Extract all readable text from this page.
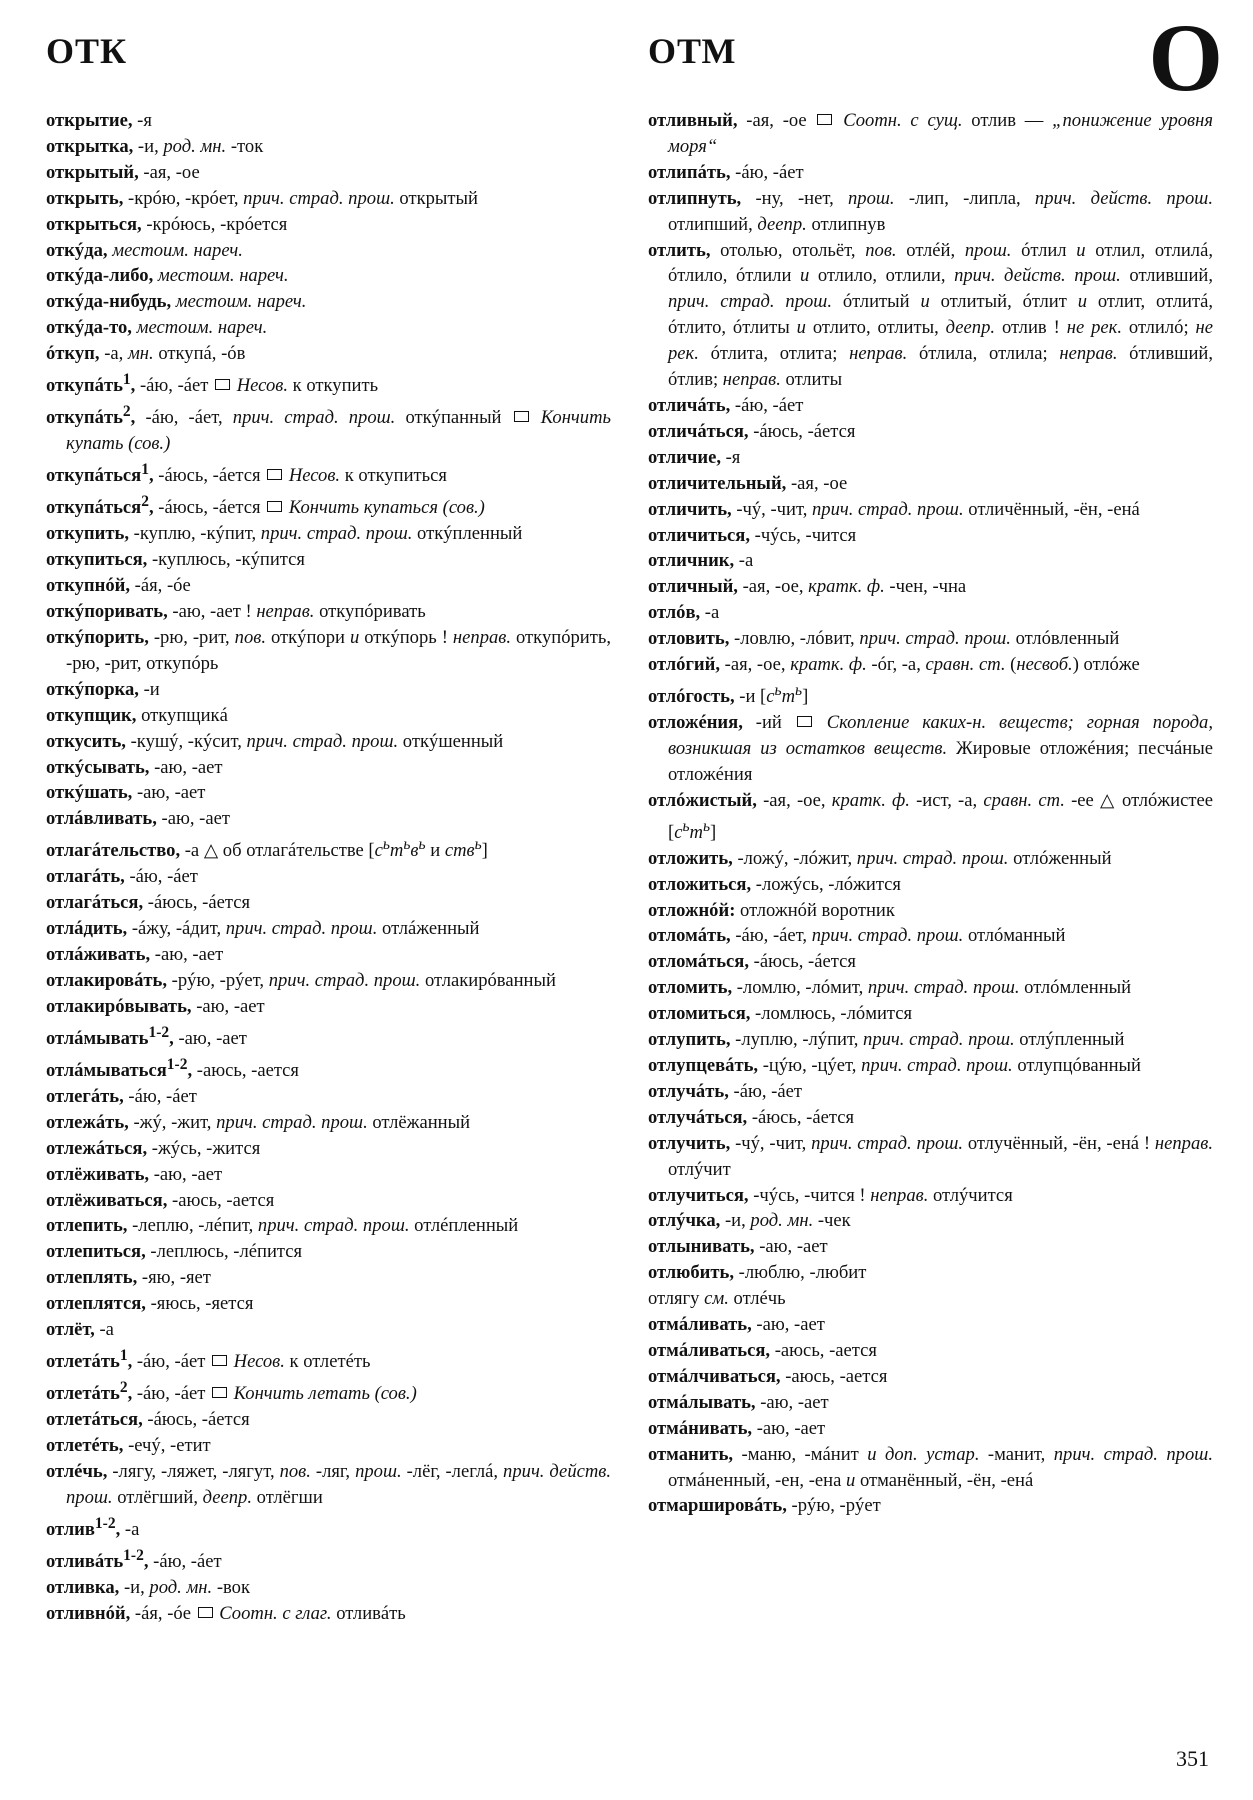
ОТК	ОТМ	О

открытие, -я

открытка, -и, род. мн. -ток

открытый, -ая, -ое

открыть, -крóю, -крóет, прич. страд. прош. открытый

открыться, -крóюсь, -крóется

откýда, местоим. нареч.

откýда-либо, местоим. нареч.

откýда-нибудь, местоим. нареч.

откýда-то, местоим. нареч.

óткуп, -а, мн. откупá, -óв

откупáть$^1$, -áю, -áет  Несов. к откупить

откупáть$^2$, -áю, -áет, прич. страд. прош. откýпанный  Кончить купать (сов.)

откупáться$^1$, -áюсь, -áется  Несов. к откупиться

откупáться$^2$, -áюсь, -áется  Кончить купаться (сов.)

откупить, -куплю, -кýпит, прич. страд. прош. откýпленный

откупиться, -куплюсь, -кýпится

откупнóй, -áя, -óе

откýпоривать, -аю, -ает ! неправ. откупóривать

откýпорить, -рю, -рит, пов. откýпори и откýпорь ! неправ. откупóрить, -рю, -рит, откупóрь

откýпорка, -и

откупщик, откупщикá

откусить, -кушý, -кýсит, прич. страд. прош. откýшенный

откýсывать, -аю, -ает

откýшать, -аю, -ает

отлáвливать, -аю, -ает

отлагáтельство, -а △ об отлагáтельстве [$c^ьm^ьв^ь$ и cmв$^ь$]

отлагáть, -áю, -áет

отлагáться, -áюсь, -áется

отлáдить, -áжу, -áдит, прич. страд. прош. отлáженный

отлáживать, -аю, -ает

отлакировáть, -рýю, -рýет, прич. страд. прош. отлакирóванный

отлакирóвывать, -аю, -ает

отлáмывать$^{1-2}$, -аю, -ает

отлáмываться$^{1-2}$, -аюсь, -ается

отлегáть, -áю, -áет

отлежáть, -жý, -жит, прич. страд. прош. отлёжанный

отлежáться, -жýсь, -жится

отлёживать, -аю, -ает

отлёживаться, -аюсь, -ается

отлепить, -леплю, -лéпит, прич. страд. прош. отлéпленный

отлепиться, -леплюсь, -лéпится

отлеплять, -яю, -яет

отлеплятся, -яюсь, -яется

отлёт, -а

отлетáть$^1$, -áю, -áет  Несов. к отлетéть

отлетáть$^2$, -áю, -áет  Кончить летать (сов.)

отлетáться, -áюсь, -áется

отлетéть, -ечý, -етит

отлéчь, -лягу, -ляжет, -лягут, пов. -ляг, прош. -лёг, -леглá, прич. действ. прош. отлёгший, деепр. отлёгши

отлив$^{1-2}$, -а

отливáть$^{1-2}$, -áю, -áет

отливка, -и, род. мн. -вок

отливнóй, -áя, -óе  Соотн. с глаг. отливáть

отливный, -ая, -ое  Соотн. с сущ. отлив — „понижение уровня моря“

отлипáть, -áю, -áет

отлипнуть, -ну, -нет, прош. -лип, -липла, прич. действ. прош. отлипший, деепр. отлипнув

отлить, отолью, отольёт, пов. отлéй, прош. óтлил и отлил, отлилá, óтлило, óтлили и отлило, отлили, прич. действ. прош. отливший, прич. страд. прош. óтлитый и отлитый, óтлит и отлит, отлитá, óтлито, óтлиты и отлито, отлиты, деепр. отлив ! не рек. отлилó; не рек. óтлита, отлита; неправ. óтлила, отлила; неправ. óтливший, óтлив; неправ. отлиты

отличáть, -áю, -áет

отличáться, -áюсь, -áется

отличие, -я

отличительный, -ая, -ое

отличить, -чý, -чит, прич. страд. прош. отличённый, -ён, -енá

отличиться, -чýсь, -чится

отличник, -а

отличный, -ая, -ое, кратк. ф. -чен, -чна

отлóв, -а

отловить, -ловлю, -лóвит, прич. страд. прош. отлóвленный

отлóгий, -ая, -ое, кратк. ф. -óг, -а, сравн. ст. (несвоб.) отлóже

отлóгость, -и $[c^ьm^ь]$

отложéния, -ий  Скопление каких-н. веществ; горная порода, возникшая из остатков веществ. Жировые отложéния; песчáные отложéния

отлóжистый, -ая, -ое, кратк. ф. -ист, -а, сравн. ст. -ее △ отлóжистее $[c^ьm^ь]$

отложить, -ложý, -лóжит, прич. страд. прош. отлóженный

отложиться, -ложýсь, -лóжится

отложнóй: отложнóй воротник

отломáть, -áю, -áет, прич. страд. прош. отлóманный

отломáться, -áюсь, -áется

отломить, -ломлю, -лóмит, прич. страд. прош. отлóмленный

отломиться, -ломлюсь, -лóмится

отлупить, -луплю, -лýпит, прич. страд. прош. отлýпленный

отлупцевáть, -цýю, -цýет, прич. страд. прош. отлупцóванный

отлучáть, -áю, -áет

отлучáться, -áюсь, -áется

отлучить, -чý, -чит, прич. страд. прош. отлучённый, -ён, -енá ! неправ. отлýчит

отлучиться, -чýсь, -чится ! неправ. отлýчится

отлýчка, -и, род. мн. -чек

отлынивать, -аю, -ает

отлюбить, -люблю, -любит

отлягу см. отлéчь

отмáливать, -аю, -ает

отмáливаться, -аюсь, -ается

отмáлчиваться, -аюсь, -ается

отмáлывать, -аю, -ает

отмáнивать, -аю, -ает

отманить, -маню, -мáнит и доп. устар. -манит, прич. страд. прош. отмáненный, -ен, -ена и отманённый, -ён, -енá

отмаршировáть, -рýю, -рýет

351
